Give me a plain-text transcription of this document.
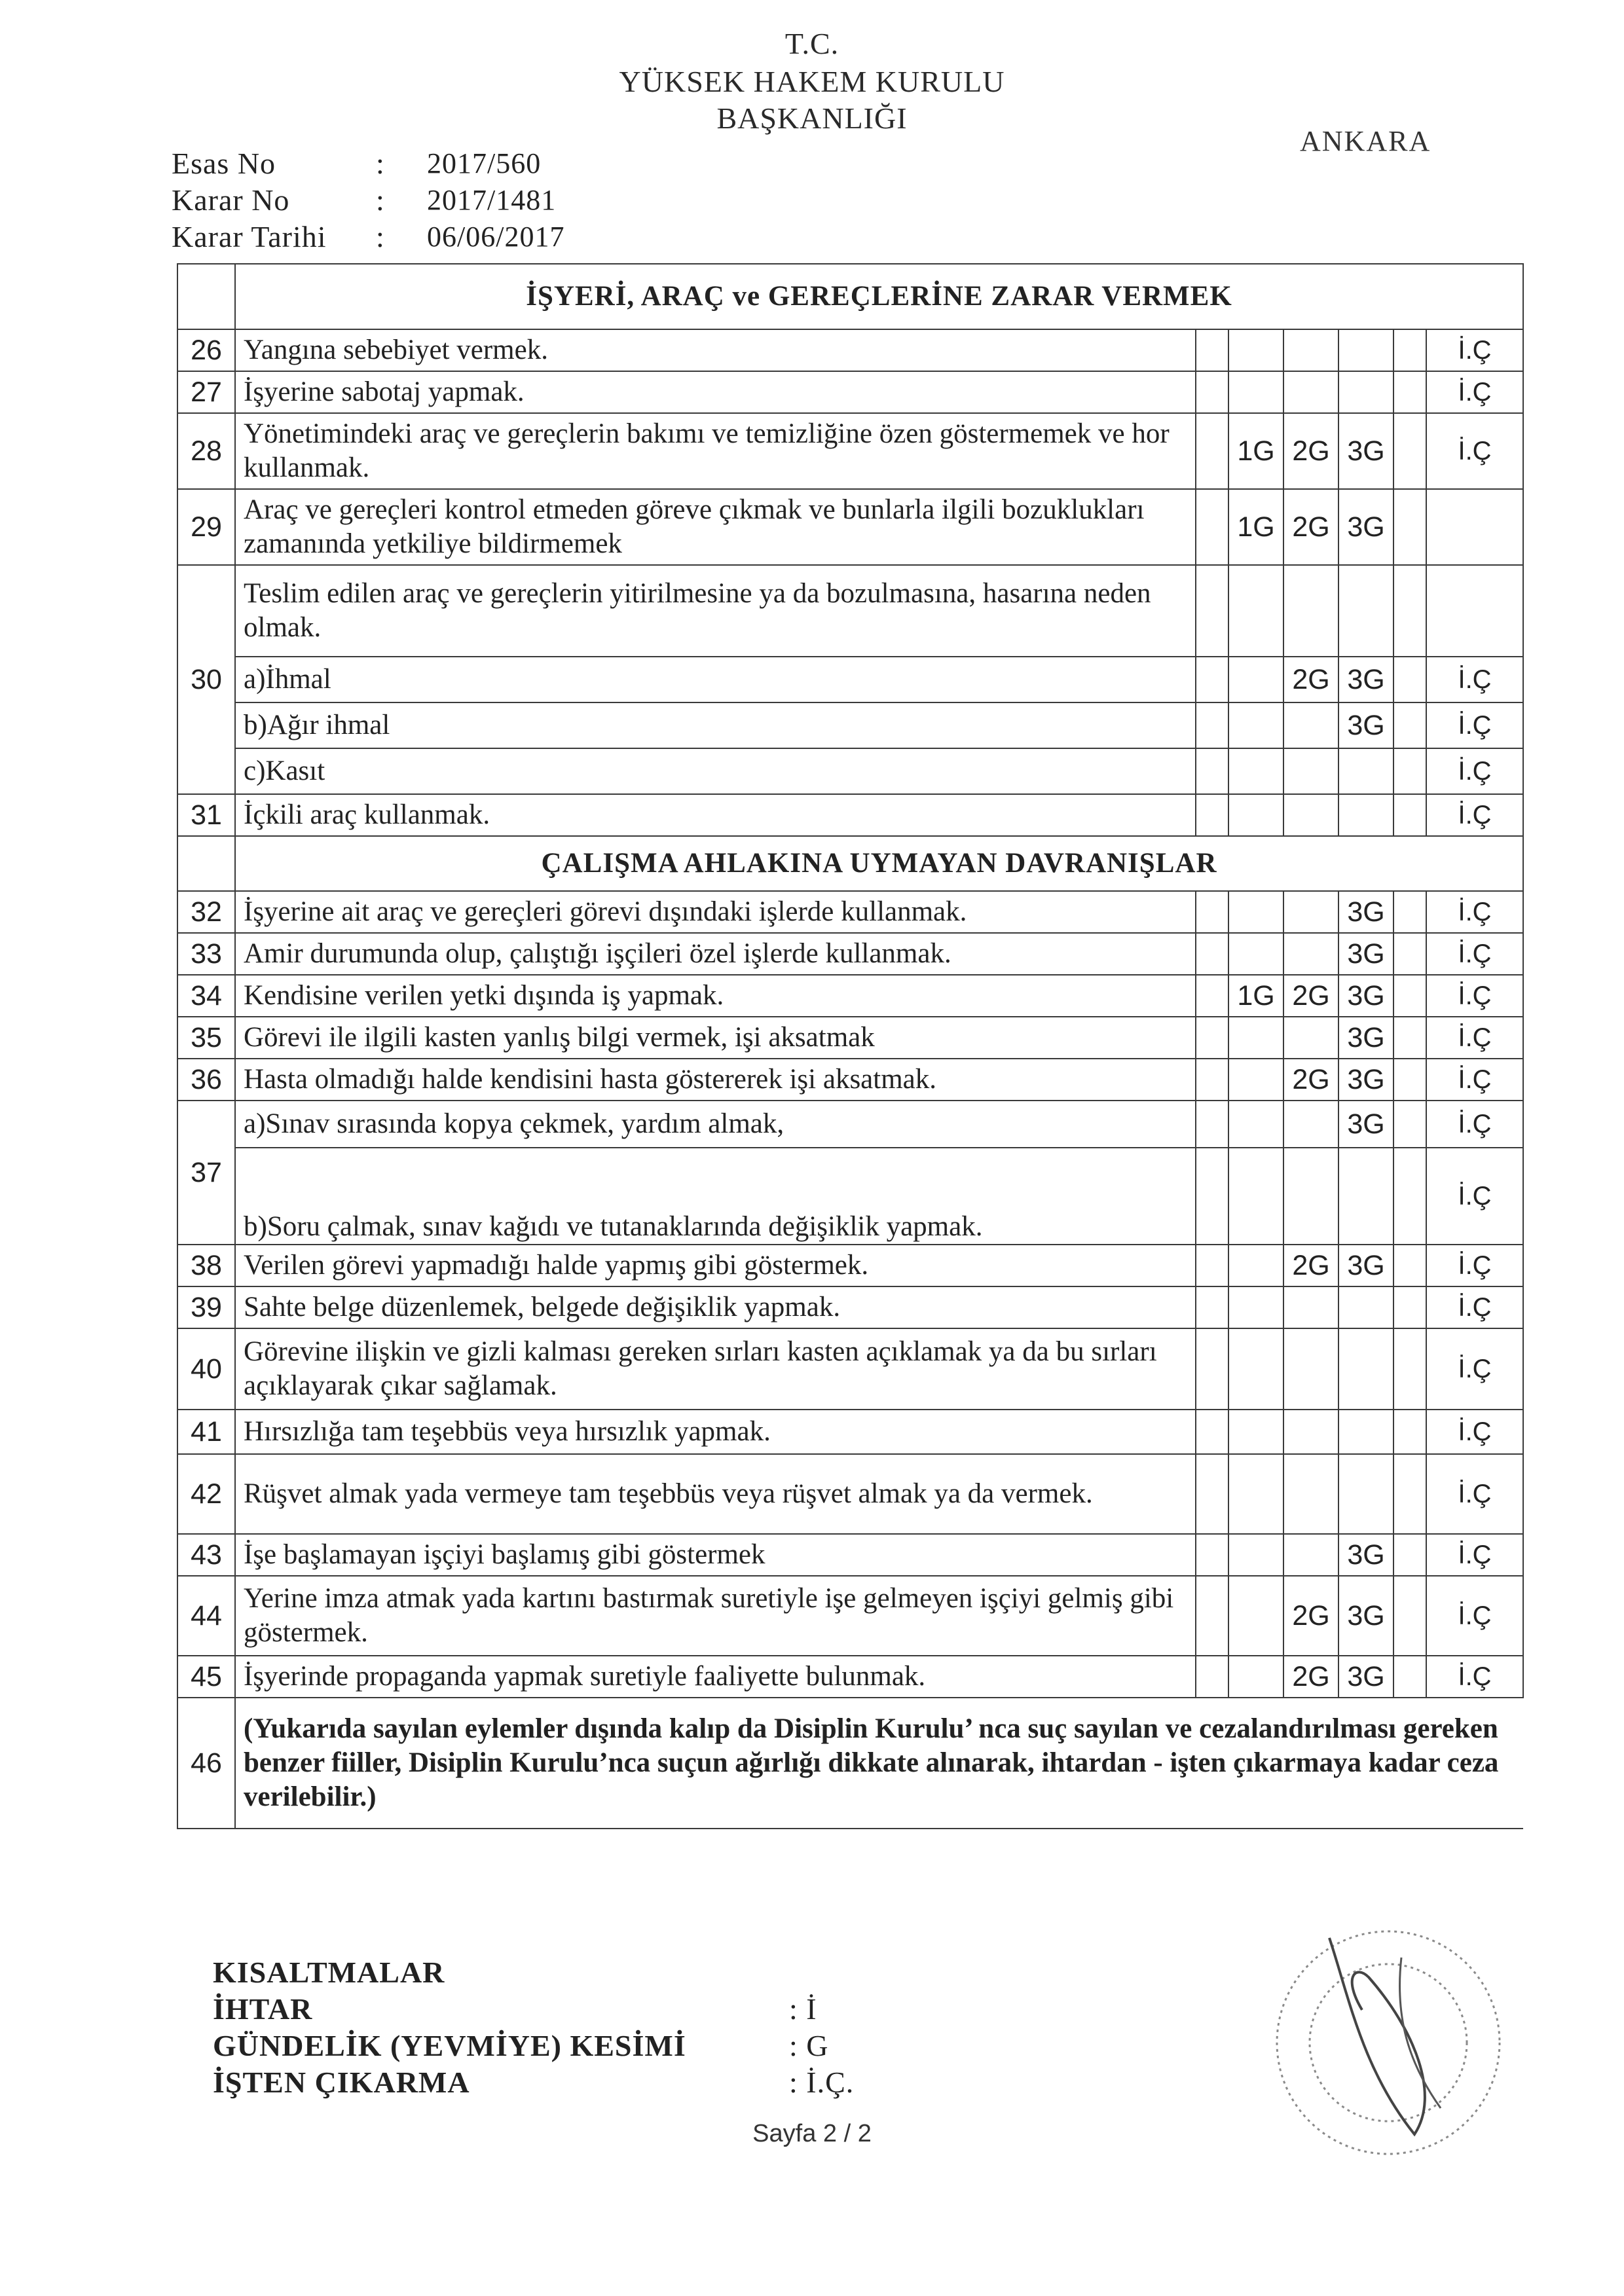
T.C.
YÜKSEK HAKEM KURULU
BAŞKANLIĞI
ANKARA
Esas No	:	2017/560
Karar No	:	2017/1481
Karar Tarihi	:	06/06/2017
	İŞYERİ, ARAÇ ve GEREÇLERİNE ZARAR VERMEK						
26	Yangına sebebiyet vermek.						İ.Ç
27	İşyerine sabotaj yapmak.						İ.Ç
28	Yönetimindeki araç ve gereçlerin bakımı ve temizliğine özen göstermemek ve hor kullanmak.		1G	2G	3G		İ.Ç
29	Araç ve gereçleri kontrol etmeden göreve çıkmak ve bunlarla ilgili bozuklukları zamanında yetkiliye bildirmemek		1G	2G	3G		
30	Teslim edilen araç ve gereçlerin yitirilmesine ya da bozulmasına, hasarına neden olmak.						
	a)İhmal			2G	3G		İ.Ç
	b)Ağır ihmal				3G		İ.Ç
	c)Kasıt						İ.Ç
31	İçkili araç kullanmak.						İ.Ç
	ÇALIŞMA AHLAKINA UYMAYAN DAVRANIŞLAR						
32	İşyerine ait araç ve gereçleri görevi dışındaki işlerde kullanmak.				3G		İ.Ç
33	Amir durumunda olup, çalıştığı işçileri özel işlerde kullanmak.				3G		İ.Ç
34	Kendisine verilen yetki dışında iş yapmak.		1G	2G	3G		İ.Ç
35	Görevi ile ilgili kasten yanlış bilgi vermek, işi aksatmak				3G		İ.Ç
36	Hasta olmadığı halde kendisini hasta göstererek işi aksatmak.			2G	3G		İ.Ç
37	a)Sınav sırasında kopya çekmek, yardım almak,				3G		İ.Ç
	b)Soru çalmak, sınav kağıdı ve tutanaklarında değişiklik yapmak.						İ.Ç
38	Verilen görevi yapmadığı halde yapmış gibi göstermek.			2G	3G		İ.Ç
39	Sahte belge düzenlemek, belgede değişiklik yapmak.						İ.Ç
40	Görevine ilişkin ve gizli kalması gereken sırları kasten açıklamak ya da bu sırları açıklayarak çıkar sağlamak.						İ.Ç
41	Hırsızlığa tam teşebbüs veya hırsızlık yapmak.						İ.Ç
42	Rüşvet almak yada vermeye tam teşebbüs veya rüşvet almak ya da vermek.						İ.Ç
43	İşe başlamayan işçiyi başlamış gibi göstermek				3G		İ.Ç
44	Yerine imza atmak yada kartını bastırmak suretiyle işe gelmeyen işçiyi gelmiş gibi göstermek.			2G	3G		İ.Ç
45	İşyerinde propaganda yapmak suretiyle faaliyette bulunmak.			2G	3G		İ.Ç
46	(Yukarıda sayılan eylemler dışında kalıp da Disiplin Kurulu’ nca suç sayılan ve cezalandırılması gereken benzer fiiller, Disiplin Kurulu’nca suçun ağırlığı dikkate alınarak, ihtardan - işten çıkarmaya kadar ceza verilebilir.)						
KISALTMALAR
İHTAR	: İ
GÜNDELİK (YEVMİYE) KESİMİ	: G
İŞTEN ÇIKARMA	: İ.Ç.
Sayfa 2 / 2
